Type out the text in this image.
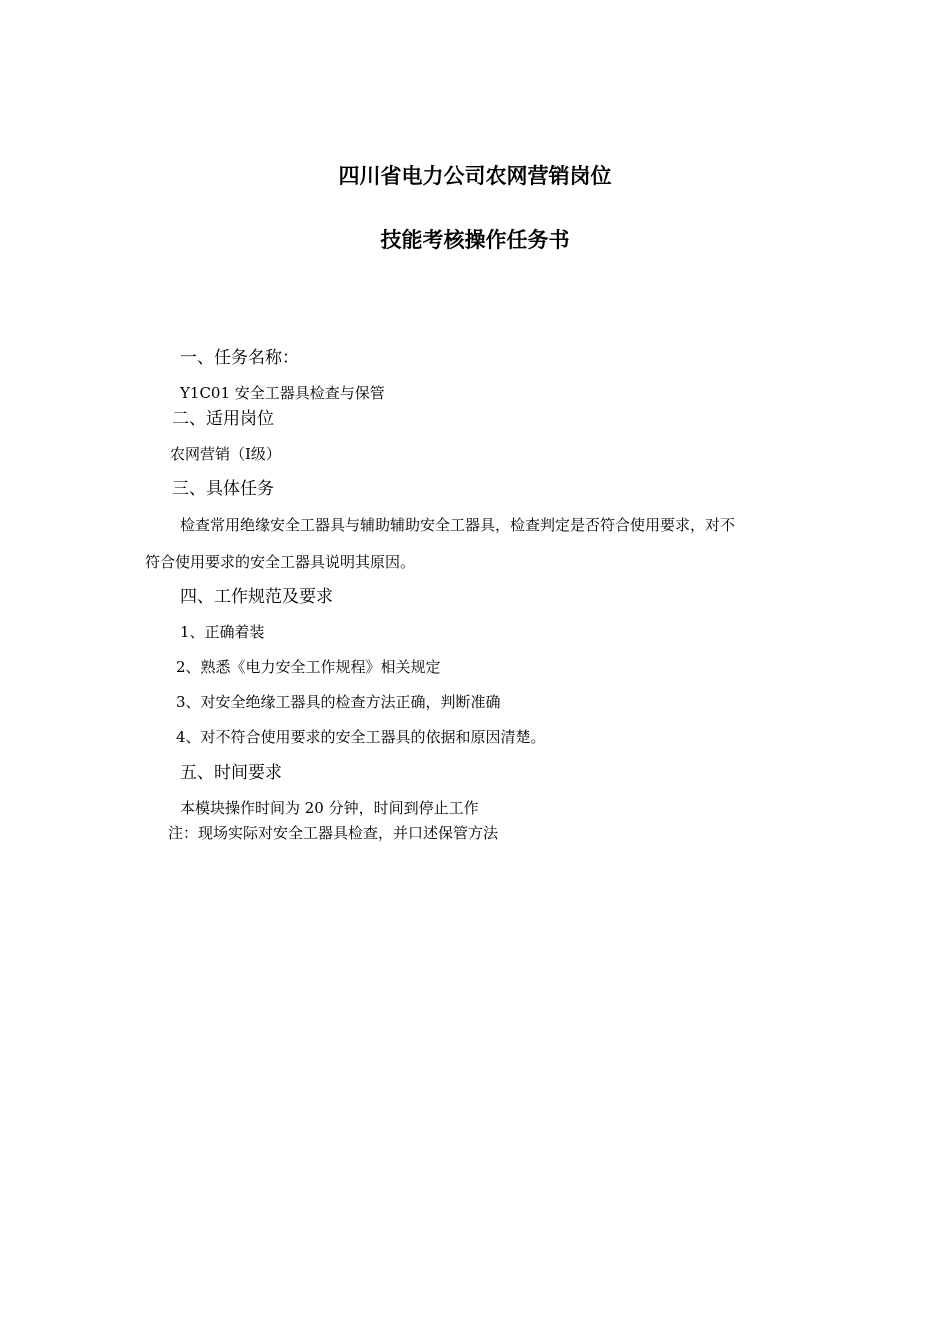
四川省电力公司农网营销岗位
技能考核操作任务书
一、任务名称：
Y1C01 安全工器具检查与保管
二、适用岗位
农网营销（Ⅰ级）
三、具体任务
检查常用绝缘安全工器具与辅助辅助安全工器具，检查判定是否符合使用要求，对不
符合使用要求的安全工器具说明其原因。
四、工作规范及要求
1、正确着装
2、熟悉《电力安全工作规程》相关规定
3、对安全绝缘工器具的检查方法正确，判断准确
4、对不符合使用要求的安全工器具的依据和原因清楚。
五、时间要求
本模块操作时间为 20 分钟，时间到停止工作
注：现场实际对安全工器具检查，并口述保管方法
